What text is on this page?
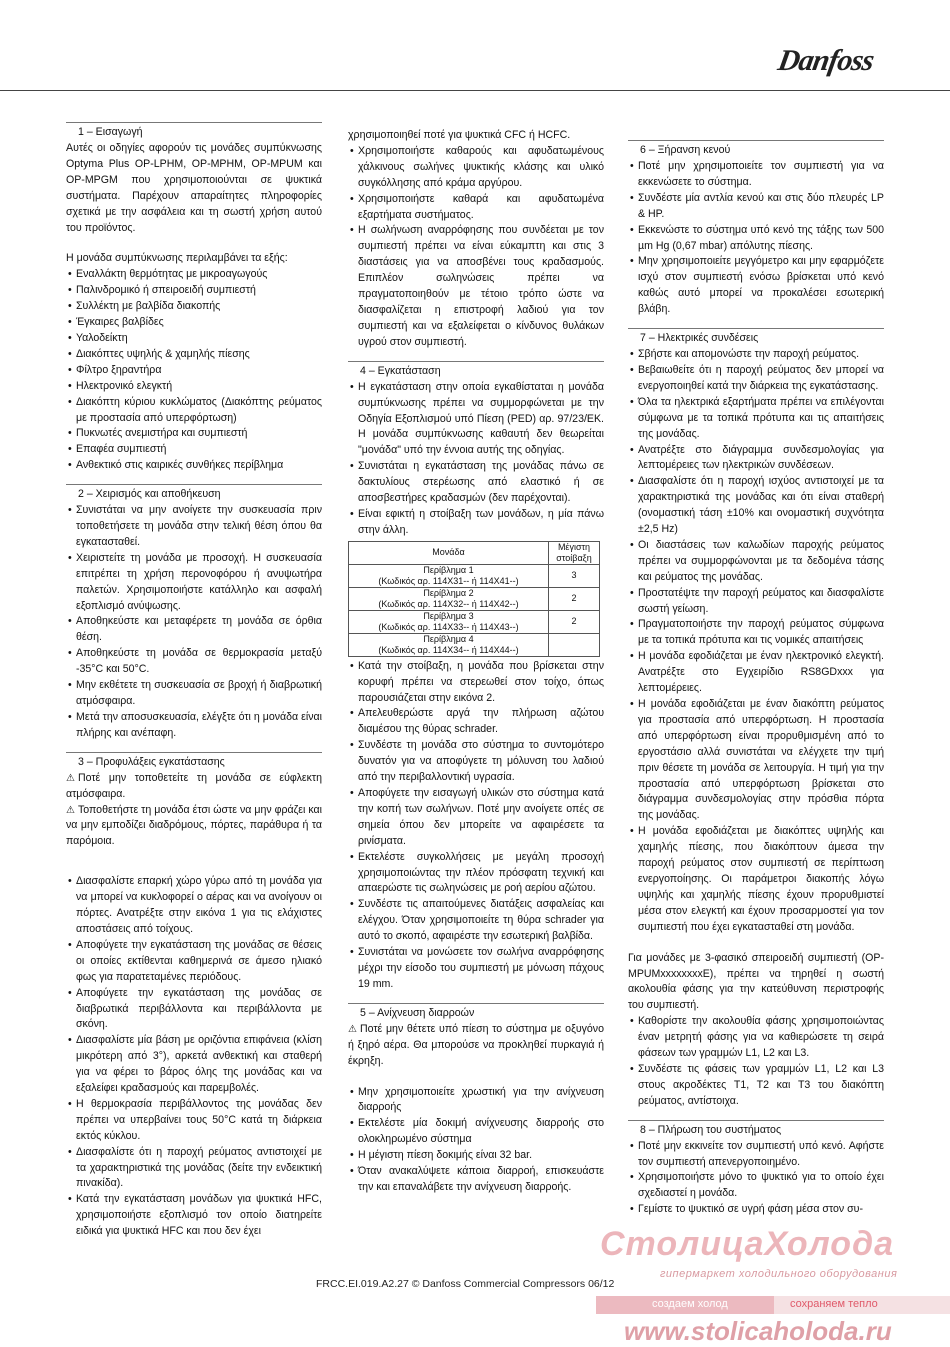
Danfoss
1 – Εισαγωγή

Αυτές οι οδηγίες αφορούν τις μονάδες συμπύκνωσης Optyma Plus OP-LPHM, OP-MPHM, OP-MPUM και OP-MPGM που χρησιμοποιούνται σε ψυκτικά συστήματα. Παρέχουν απαραίτητες πληροφορίες σχετικά με την ασφάλεια και τη σωστή χρήση αυτού του προϊόντος.

Η μονάδα συμπύκνωσης περιλαμβάνει τα εξής:

• Εναλλάκτη θερμότητας με μικροαγωγούς
• Παλινδρομικό ή σπειροειδή συμπιεστή
• Συλλέκτη με βαλβίδα διακοπής
• Έγκαιρες βαλβίδες
• Υαλοδείκτη
• Διακόπτες υψηλής & χαμηλής πίεσης
• Φίλτρο ξηραντήρα
• Ηλεκτρονικό ελεγκτή
• Διακόπτη κύριου κυκλώματος (Διακόπτης ρεύματος με προστασία από υπερφόρτωση)
• Πυκνωτές ανεμιστήρα και συμπιεστή
• Επαφέα συμπιεστή
• Ανθεκτικό στις καιρικές συνθήκες περίβλημα
2 – Χειρισμός και αποθήκευση
• Συνιστάται να μην ανοίγετε την συσκευασία πριν τοποθετήσετε τη μονάδα στην τελική θέση όπου θα εγκατασταθεί.
• Χειριστείτε τη μονάδα με προσοχή. Η συσκευασία επιτρέπει τη χρήση περονοφόρου ή ανυψωτήρα παλετών. Χρησιμοποιήστε κατάλληλο και ασφαλή εξοπλισμό ανύψωσης.
• Αποθηκεύστε και μεταφέρετε τη μονάδα σε όρθια θέση.
• Αποθηκεύστε τη μονάδα σε θερμοκρασία μεταξύ -35°C και 50°C.
• Μην εκθέτετε τη συσκευασία σε βροχή ή διαβρωτική ατμόσφαιρα.
• Μετά την αποσυσκευασία, ελέγξτε ότι η μονάδα είναι πλήρης και ανέπαφη.
3 – Προφυλάξεις εγκατάστασης

⚠ Ποτέ μην τοποθετείτε τη μονάδα σε εύφλεκτη ατμόσφαιρα.

⚠ Τοποθετήστε τη μονάδα έτσι ώστε να μην φράζει και να μην εμποδίζει διαδρόμους, πόρτες, παράθυρα ή τα παρόμοια.

• Διασφαλίστε επαρκή χώρο γύρω από τη μονάδα για να μπορεί να κυκλοφορεί ο αέρας και να ανοίγουν οι πόρτες. Ανατρέξτε στην εικόνα 1 για τις ελάχιστες αποστάσεις από τοίχους.
• Αποφύγετε την εγκατάσταση της μονάδας σε θέσεις οι οποίες εκτίθενται καθημερινά σε άμεσο ηλιακό φως για παρατεταμένες περιόδους.
• Αποφύγετε την εγκατάσταση της μονάδας σε διαβρωτικά περιβάλλοντα και περιβάλλοντα με σκόνη.
• Διασφαλίστε μία βάση με οριζόντια επιφάνεια (κλίση μικρότερη από 3°), αρκετά ανθεκτική και σταθερή για να φέρει το βάρος όλης της μονάδας και να εξαλείφει κραδασμούς και παρεμβολές.
• Η θερμοκρασία περιβάλλοντος της μονάδας δεν πρέπει να υπερβαίνει τους 50°C κατά τη διάρκεια εκτός κύκλου.
• Διασφαλίστε ότι η παροχή ρεύματος αντιστοιχεί με τα χαρακτηριστικά της μονάδας (δείτε την ενδεικτική πινακίδα).
• Κατά την εγκατάσταση μονάδων για ψυκτικά HFC, χρησιμοποιήστε εξοπλισμό τον οποίο διατηρείτε ειδικά για ψυκτικά HFC και που δεν έχει

χρησιμοποιηθεί ποτέ για ψυκτικά CFC ή HCFC.

• Χρησιμοποιήστε καθαρούς και αφυδατωμένους χάλκινους σωλήνες ψυκτικής κλάσης και υλικό συγκόλλησης από κράμα αργύρου.
• Χρησιμοποιήστε καθαρά και αφυδατωμένα εξαρτήματα συστήματος.
• Η σωλήνωση αναρρόφησης που συνδέεται με τον συμπιεστή πρέπει να είναι εύκαμπτη και στις 3 διαστάσεις για να αποσβένει τους κραδασμούς. Επιπλέον σωληνώσεις πρέπει να πραγματοποιηθούν με τέτοιο τρόπο ώστε να διασφαλίζεται η επιστροφή λαδιού για τον συμπιεστή και να εξαλείφεται ο κίνδυνος θυλάκων υγρού στον συμπιεστή.
4 – Εγκατάσταση
• Η εγκατάσταση στην οποία εγκαθίσταται η μονάδα συμπύκνωσης πρέπει να συμμορφώνεται με την Οδηγία Εξοπλισμού υπό Πίεση (PED) αρ. 97/23/ΕΚ. Η μονάδα συμπύκνωσης καθαυτή δεν θεωρείται "μονάδα" υπό την έννοια αυτής της οδηγίας.
• Συνιστάται η εγκατάσταση της μονάδας πάνω σε δακτυλίους στερέωσης από ελαστικό ή σε αποσβεστήρες κραδασμών (δεν παρέχονται).
• Είναι εφικτή η στοίβαξη των μονάδων, η μία πάνω στην άλλη.
Μονάδα	Μέγιστη στοίβαξη
Περίβλημα 1
(Κωδικός αρ. 114X31-- ή 114X41--)	3
Περίβλημα 2
(Κωδικός αρ. 114X32-- ή 114X42--)	2
Περίβλημα 3
(Κωδικός αρ. 114X33-- ή 114X43--)	2
Περίβλημα 4
(Κωδικός αρ. 114X34-- ή 114X44--)	
• Κατά την στοίβαξη, η μονάδα που βρίσκεται στην κορυφή πρέπει να στερεωθεί στον τοίχο, όπως παρουσιάζεται στην εικόνα 2.
• Απελευθερώστε αργά την πλήρωση αζώτου διαμέσου της θύρας schrader.
• Συνδέστε τη μονάδα στο σύστημα το συντομότερο δυνατόν για να αποφύγετε τη μόλυνση του λαδιού από την περιβαλλοντική υγρασία.
• Αποφύγετε την εισαγωγή υλικών στο σύστημα κατά την κοπή των σωλήνων. Ποτέ μην ανοίγετε οπές σε σημεία όπου δεν μπορείτε να αφαιρέσετε τα ρινίσματα.
• Εκτελέστε συγκολλήσεις με μεγάλη προσοχή χρησιμοποιώντας την πλέον πρόσφατη τεχνική και απαερώστε τις σωληνώσεις με ροή αερίου αζώτου.
• Συνδέστε τις απαιτούμενες διατάξεις ασφαλείας και ελέγχου. Όταν χρησιμοποιείτε τη θύρα schrader για αυτό το σκοπό, αφαιρέστε την εσωτερική βαλβίδα.
• Συνιστάται να μονώσετε τον σωλήνα αναρρόφησης μέχρι την είσοδο του συμπιεστή με μόνωση πάχους 19 mm.
5 – Ανίχνευση διαρροών

⚠ Ποτέ μην θέτετε υπό πίεση το σύστημα με οξυγόνο ή ξηρό αέρα. Θα μπορούσε να προκληθεί πυρκαγιά ή έκρηξη.

• Μην χρησιμοποιείτε χρωστική για την ανίχνευση διαρροής
• Εκτελέστε μία δοκιμή ανίχνευσης διαρροής στο ολοκληρωμένο σύστημα
• Η μέγιστη πίεση δοκιμής είναι 32 bar.
• Όταν ανακαλύψετε κάποια διαρροή, επισκευάστε την και επαναλάβετε την ανίχνευση διαρροής.
6 – Ξήρανση κενού
• Ποτέ μην χρησιμοποιείτε τον συμπιεστή για να εκκενώσετε το σύστημα.
• Συνδέστε μία αντλία κενού και στις δύο πλευρές LP & HP.
• Εκκενώστε το σύστημα υπό κενό της τάξης των 500 µm Hg (0,67 mbar) απόλυτης πίεσης.
• Μην χρησιμοποιείτε μεγγόμετρο και μην εφαρμόζετε ισχύ στον συμπιεστή ενόσω βρίσκεται υπό κενό καθώς αυτό μπορεί να προκαλέσει εσωτερική βλάβη.
7 – Ηλεκτρικές συνδέσεις
• Σβήστε και απομονώστε την παροχή ρεύματος.
• Βεβαιωθείτε ότι η παροχή ρεύματος δεν μπορεί να ενεργοποιηθεί κατά την διάρκεια της εγκατάστασης.
• Όλα τα ηλεκτρικά εξαρτήματα πρέπει να επιλέγονται σύμφωνα με τα τοπικά πρότυπα και τις απαιτήσεις της μονάδας.
• Ανατρέξτε στο διάγραμμα συνδεσμολογίας για λεπτομέρειες των ηλεκτρικών συνδέσεων.
• Διασφαλίστε ότι η παροχή ισχύος αντιστοιχεί με τα χαρακτηριστικά της μονάδας και ότι είναι σταθερή (ονομαστική τάση ±10% και ονομαστική συχνότητα ±2,5 Hz)
• Οι διαστάσεις των καλωδίων παροχής ρεύματος πρέπει να συμμορφώνονται με τα δεδομένα τάσης και ρεύματος της μονάδας.
• Προστατέψτε την παροχή ρεύματος και διασφαλίστε σωστή γείωση.
• Πραγματοποιήστε την παροχή ρεύματος σύμφωνα με τα τοπικά πρότυπα και τις νομικές απαιτήσεις
• Η μονάδα εφοδιάζεται με έναν ηλεκτρονικό ελεγκτή. Ανατρέξτε στο Εγχειρίδιο RS8GDxxx για λεπτομέρειες.
• Η μονάδα εφοδιάζεται με έναν διακόπτη ρεύματος για προστασία από υπερφόρτωση. Η προστασία από υπερφόρτωση είναι προρυθμισμένη από το εργοστάσιο αλλά συνιστάται να ελέγχετε την τιμή πριν θέσετε τη μονάδα σε λειτουργία. Η τιμή για την προστασία από υπερφόρτωση βρίσκεται στο διάγραμμα συνδεσμολογίας στην πρόσθια πόρτα της μονάδας.
• Η μονάδα εφοδιάζεται με διακόπτες υψηλής και χαμηλής πίεσης, που διακόπτουν άμεσα την παροχή ρεύματος στον συμπιεστή σε περίπτωση ενεργοποίησης. Οι παράμετροι διακοπής λόγω υψηλής και χαμηλής πίεσης έχουν προρυθμιστεί μέσα στον ελεγκτή και έχουν προσαρμοστεί για τον συμπιεστή που έχει εγκατασταθεί στη μονάδα.

Για μονάδες με 3-φασικό σπειροειδή συμπιεστή (OP-MPUMxxxxxxxxE), πρέπει να τηρηθεί η σωστή ακολουθία φάσης για την κατεύθυνση περιστροφής του συμπιεστή.

• Καθορίστε την ακολουθία φάσης χρησιμοποιώντας έναν μετρητή φάσης για να καθιερώσετε τη σειρά φάσεων των γραμμών L1, L2 και L3.
• Συνδέστε τις φάσεις των γραμμών L1, L2 και L3 στους ακροδέκτες T1, T2 και T3 του διακόπτη ρεύματος, αντίστοιχα.
8 – Πλήρωση του συστήματος
• Ποτέ μην εκκινείτε τον συμπιεστή υπό κενό. Αφήστε τον συμπιεστή απενεργοποιημένο.
• Χρησιμοποιήστε μόνο το ψυκτικό για το οποίο έχει σχεδιαστεί η μονάδα.
• Γεμίστε το ψυκτικό σε υγρή φάση μέσα στον συ-
FRCC.EI.019.A2.27 © Danfoss Commercial Compressors 06/12
СтолицаХолода
гипермаркет холодильного оборудования
создаем холод	сохраняем тепло
www.stolicaholoda.ru
